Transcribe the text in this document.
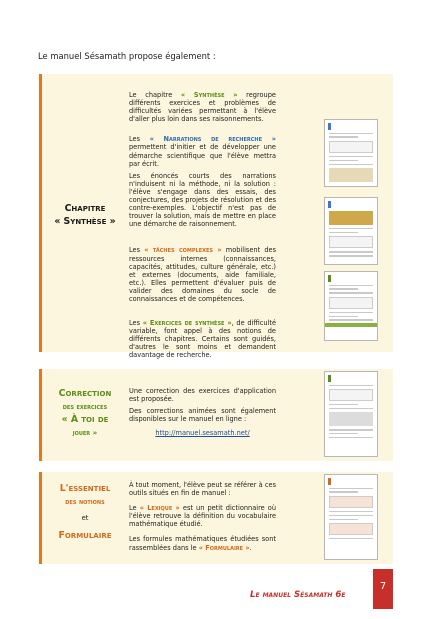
Le manuel Sésamath propose également :
Chapitre
« Synthèse »
Le chapitre « Synthèse » regroupe différents exercices et problèmes de difficultés variées permettant à l'élève d'aller plus loin dans ses raisonnements.
Les « Narrations de recherche » permettent d'initier et de développer une démarche scientifique que l'élève mettra par écrit.
Les énoncés courts des narrations n'induisent ni la méthode, ni la solution : l'élève s'engage dans des essais, des conjectures, des projets de résolution et des contre-exemples. L'objectif n'est pas de trouver la solution, mais de mettre en place une démarche de raisonnement.
Les « tâches complexes » mobilisent des ressources internes (connaissances, capacités, attitudes, culture générale, etc.) et externes (documents, aide familiale, etc.). Elles permettent d'évaluer puis de valider des domaines du socle de connaissances et de compétences.
Les « Exercices de synthèse », de difficulté variable, font appel à des notions de différents chapitres. Certains sont guidés, d'autres le sont moins et demandent davantage de recherche.
Correction
des exercices
« À toi de
jouer »
Une correction des exercices d'application est proposée.
Des corrections animées sont également disponibles sur le manuel en ligne :
http://manuel.sesamath.net/
L'essentiel
des notions
et
Formulaire
À tout moment, l'élève peut se référer à ces outils situés en fin de manuel :
Le « Lexique » est un petit dictionnaire où l'élève retrouve la définition du vocabulaire mathématique étudié.
Les formules mathématiques étudiées sont rassemblées dans le « Formulaire ».
Le manuel Sésamath 6e
7
